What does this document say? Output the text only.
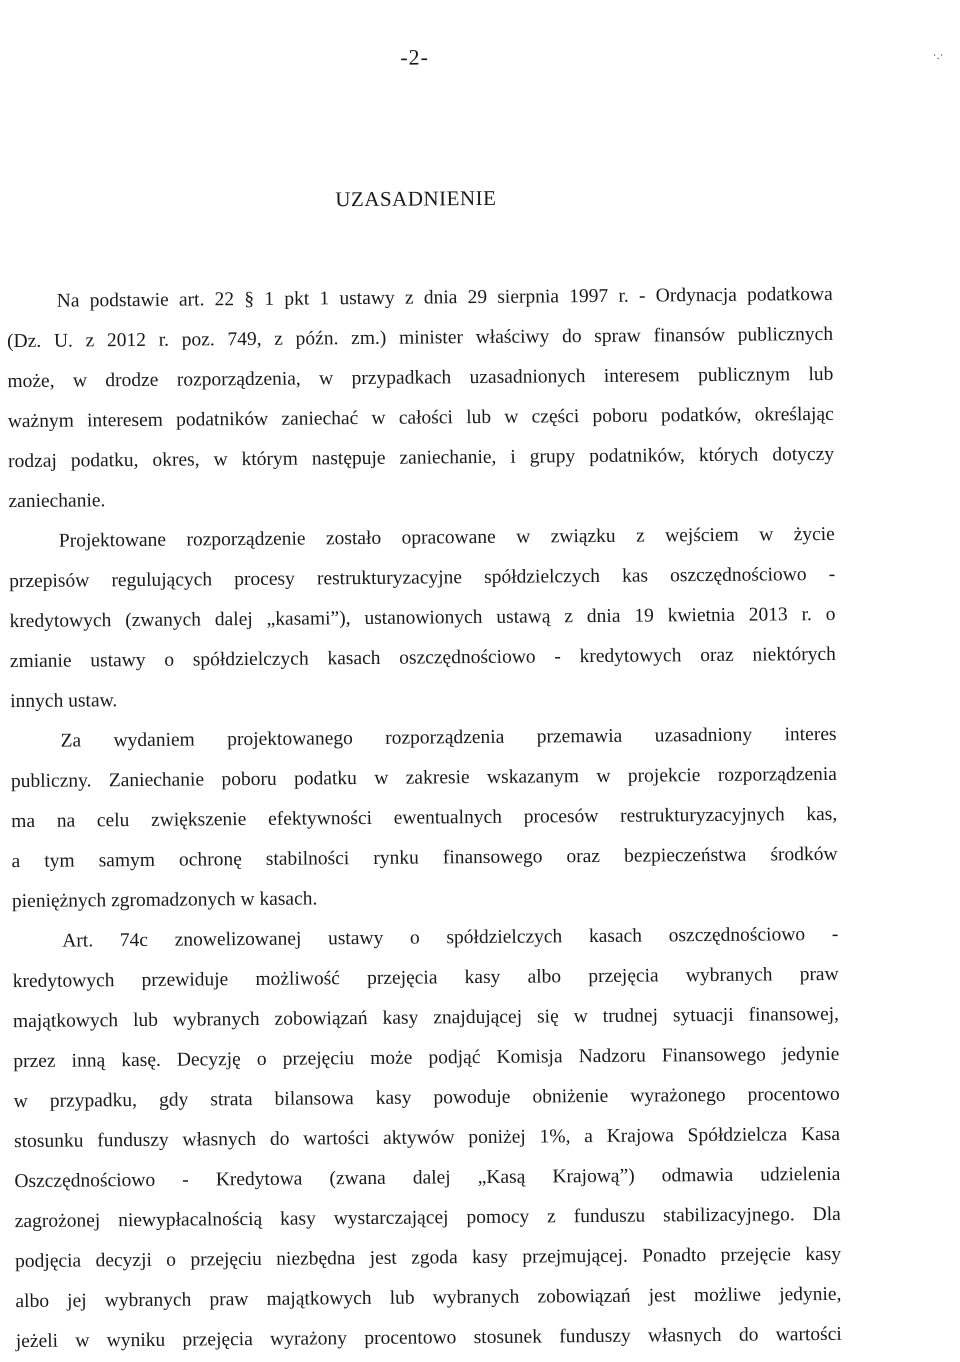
-2-	·.·
UZASADNIENIE
Na podstawie art. 22 § 1 pkt 1 ustawy z dnia 29 sierpnia 1997 r. - Ordynacja podatkowa
(Dz. U. z 2012 r. poz. 749, z późn. zm.) minister właściwy do spraw finansów publicznych
może, w drodze rozporządzenia, w przypadkach uzasadnionych interesem publicznym lub
ważnym interesem podatników zaniechać w całości lub w części poboru podatków, określając
rodzaj podatku, okres, w którym następuje zaniechanie, i grupy podatników, których dotyczy
zaniechanie.
Projektowane rozporządzenie zostało opracowane w związku z wejściem w życie
przepisów regulujących procesy restrukturyzacyjne spółdzielczych kas oszczędnościowo -
kredytowych (zwanych dalej „kasami”), ustanowionych ustawą z dnia 19 kwietnia 2013 r. o
zmianie ustawy o spółdzielczych kasach oszczędnościowo - kredytowych oraz niektórych
innych ustaw.
Za wydaniem projektowanego rozporządzenia przemawia uzasadniony interes
publiczny. Zaniechanie poboru podatku w zakresie wskazanym w projekcie rozporządzenia
ma na celu zwiększenie efektywności ewentualnych procesów restrukturyzacyjnych kas,
a tym samym ochronę stabilności rynku finansowego oraz bezpieczeństwa środków
pieniężnych zgromadzonych w kasach.
Art. 74c znowelizowanej ustawy o spółdzielczych kasach oszczędnościowo -
kredytowych przewiduje możliwość przejęcia kasy albo przejęcia wybranych praw
majątkowych lub wybranych zobowiązań kasy znajdującej się w trudnej sytuacji finansowej,
przez inną kasę. Decyzję o przejęciu może podjąć Komisja Nadzoru Finansowego jedynie
w przypadku, gdy strata bilansowa kasy powoduje obniżenie wyrażonego procentowo
stosunku funduszy własnych do wartości aktywów poniżej 1%, a Krajowa Spółdzielcza Kasa
Oszczędnościowo - Kredytowa (zwana dalej „Kasą Krajową”) odmawia udzielenia
zagrożonej niewypłacalnością kasy wystarczającej pomocy z funduszu stabilizacyjnego. Dla
podjęcia decyzji o przejęciu niezbędna jest zgoda kasy przejmującej. Ponadto przejęcie kasy
albo jej wybranych praw majątkowych lub wybranych zobowiązań jest możliwe jedynie,
jeżeli w wyniku przejęcia wyrażony procentowo stosunek funduszy własnych do wartości
